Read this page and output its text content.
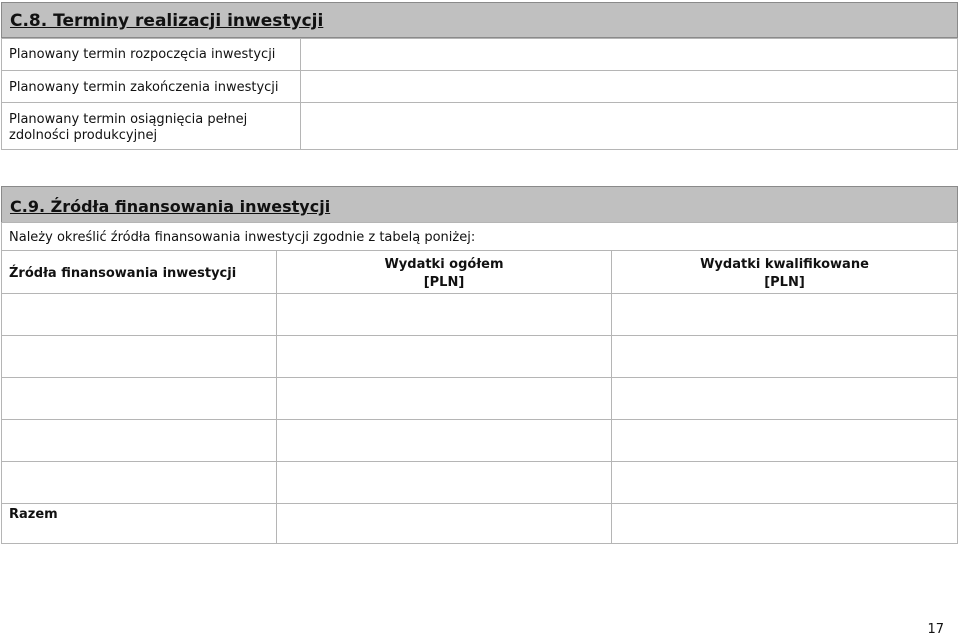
C.8. Terminy realizacji inwestycji
Planowany termin rozpoczęcia inwestycji
Planowany termin zakończenia inwestycji
Planowany termin osiągnięcia pełnej zdolności produkcyjnej
C.9. Źródła finansowania inwestycji
Należy określić źródła finansowania inwestycji zgodnie z tabelą poniżej:
Źródła finansowania inwestycji
Wydatki ogółem
[PLN]
Wydatki kwalifikowane
[PLN]
Razem
17
